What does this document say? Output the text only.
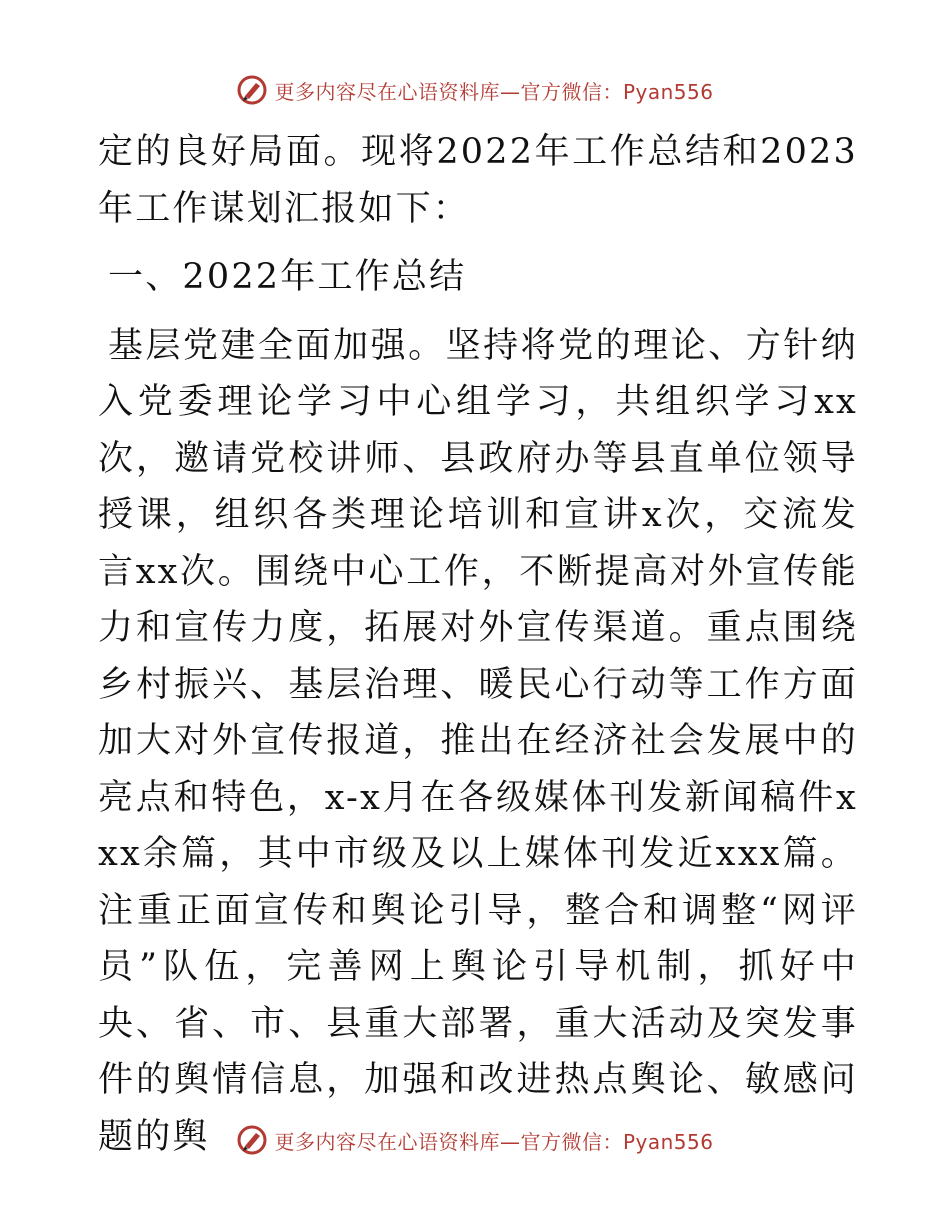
更多内容尽在心语资料库—官方微信：Pyan556

定的良好局面。现将2022年工作总结和2023年工作谋划汇报如下：

一、2022年工作总结

基层党建全面加强。坚持将党的理论、方针纳入党委理论学习中心组学习，共组织学习xx次，邀请党校讲师、县政府办等县直单位领导授课，组织各类理论培训和宣讲x次，交流发言xx次。围绕中心工作，不断提高对外宣传能力和宣传力度，拓展对外宣传渠道。重点围绕乡村振兴、基层治理、暖民心行动等工作方面加大对外宣传报道，推出在经济社会发展中的亮点和特色，x-x月在各级媒体刊发新闻稿件xxx余篇，其中市级及以上媒体刊发近xxx篇。注重正面宣传和舆论引导，整合和调整“网评员”队伍，完善网上舆论引导机制，抓好中央、省、市、县重大部署，重大活动及突发事件的舆情信息，加强和改进热点舆论、敏感问题的舆	更多内容尽在心语资料库—官方微信：Pyan556
